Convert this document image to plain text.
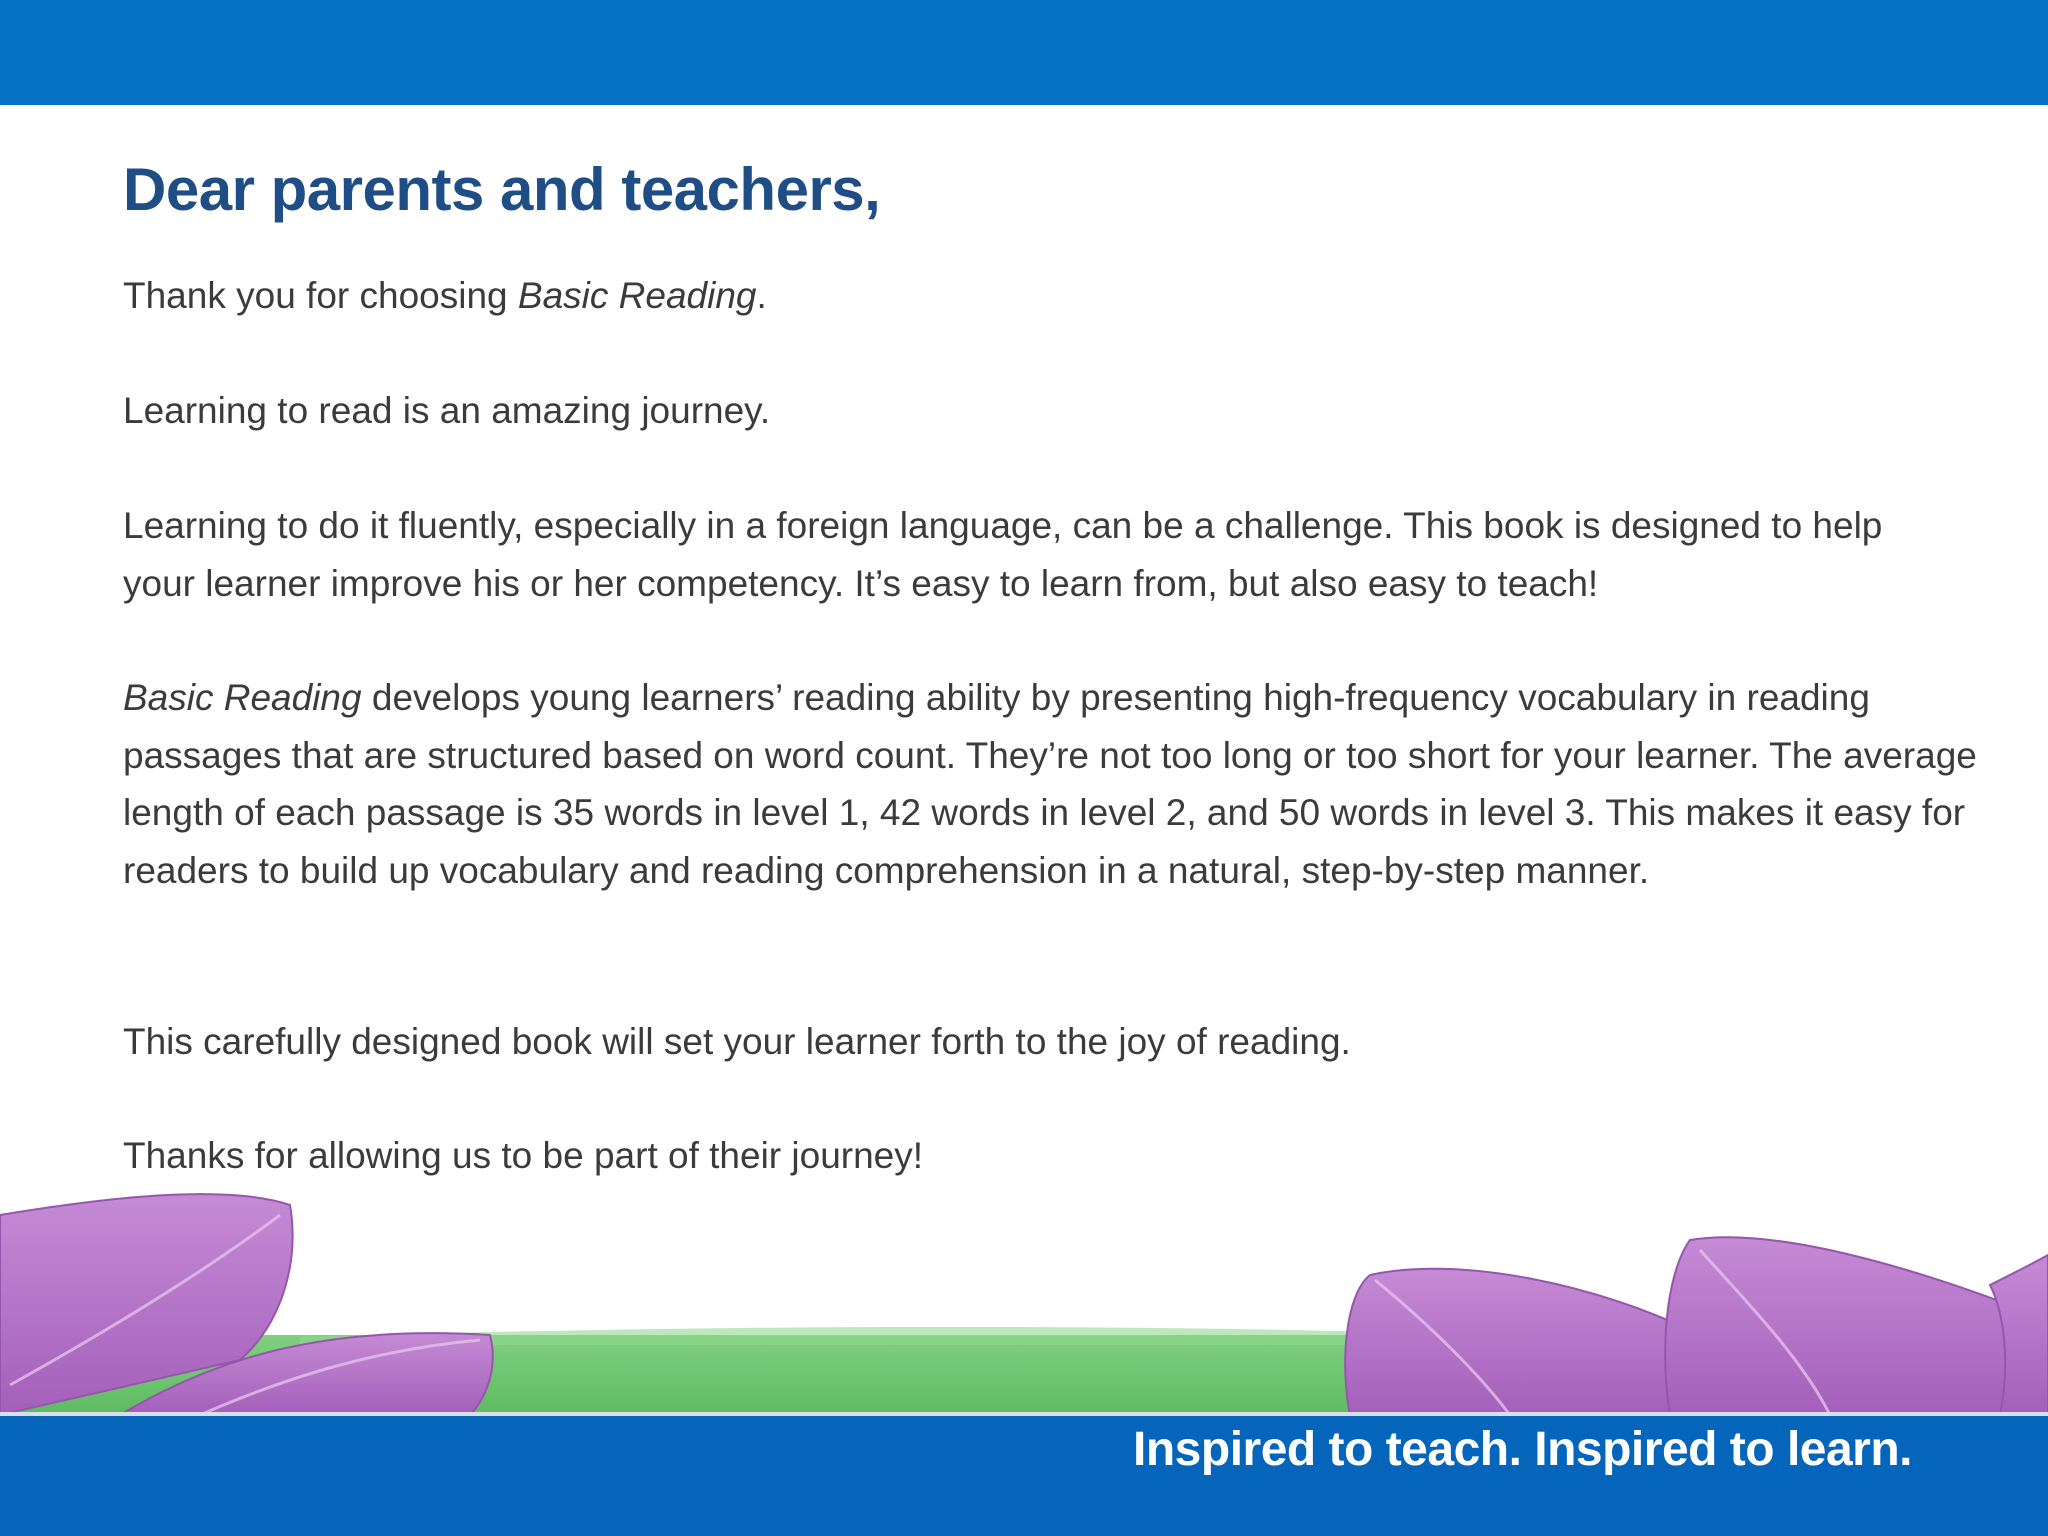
Dear parents and teachers,

Thank you for choosing Basic Reading.

Learning to read is an amazing journey.

Learning to do it fluently, especially in a foreign language, can be a challenge. This book is designed to help your learner improve his or her competency. It’s easy to learn from, but also easy to teach!

Basic Reading develops young learners’ reading ability by presenting high-frequency vocabulary in reading passages that are structured based on word count. They’re not too long or too short for your learner. The average length of each passage is 35 words in level 1, 42 words in level 2, and 50 words in level 3. This makes it easy for readers to build up vocabulary and reading comprehension in a natural, step-by-step manner.

This carefully designed book will set your learner forth to the joy of reading.

Thanks for allowing us to be part of their journey!

Inspired to teach. Inspired to learn.
